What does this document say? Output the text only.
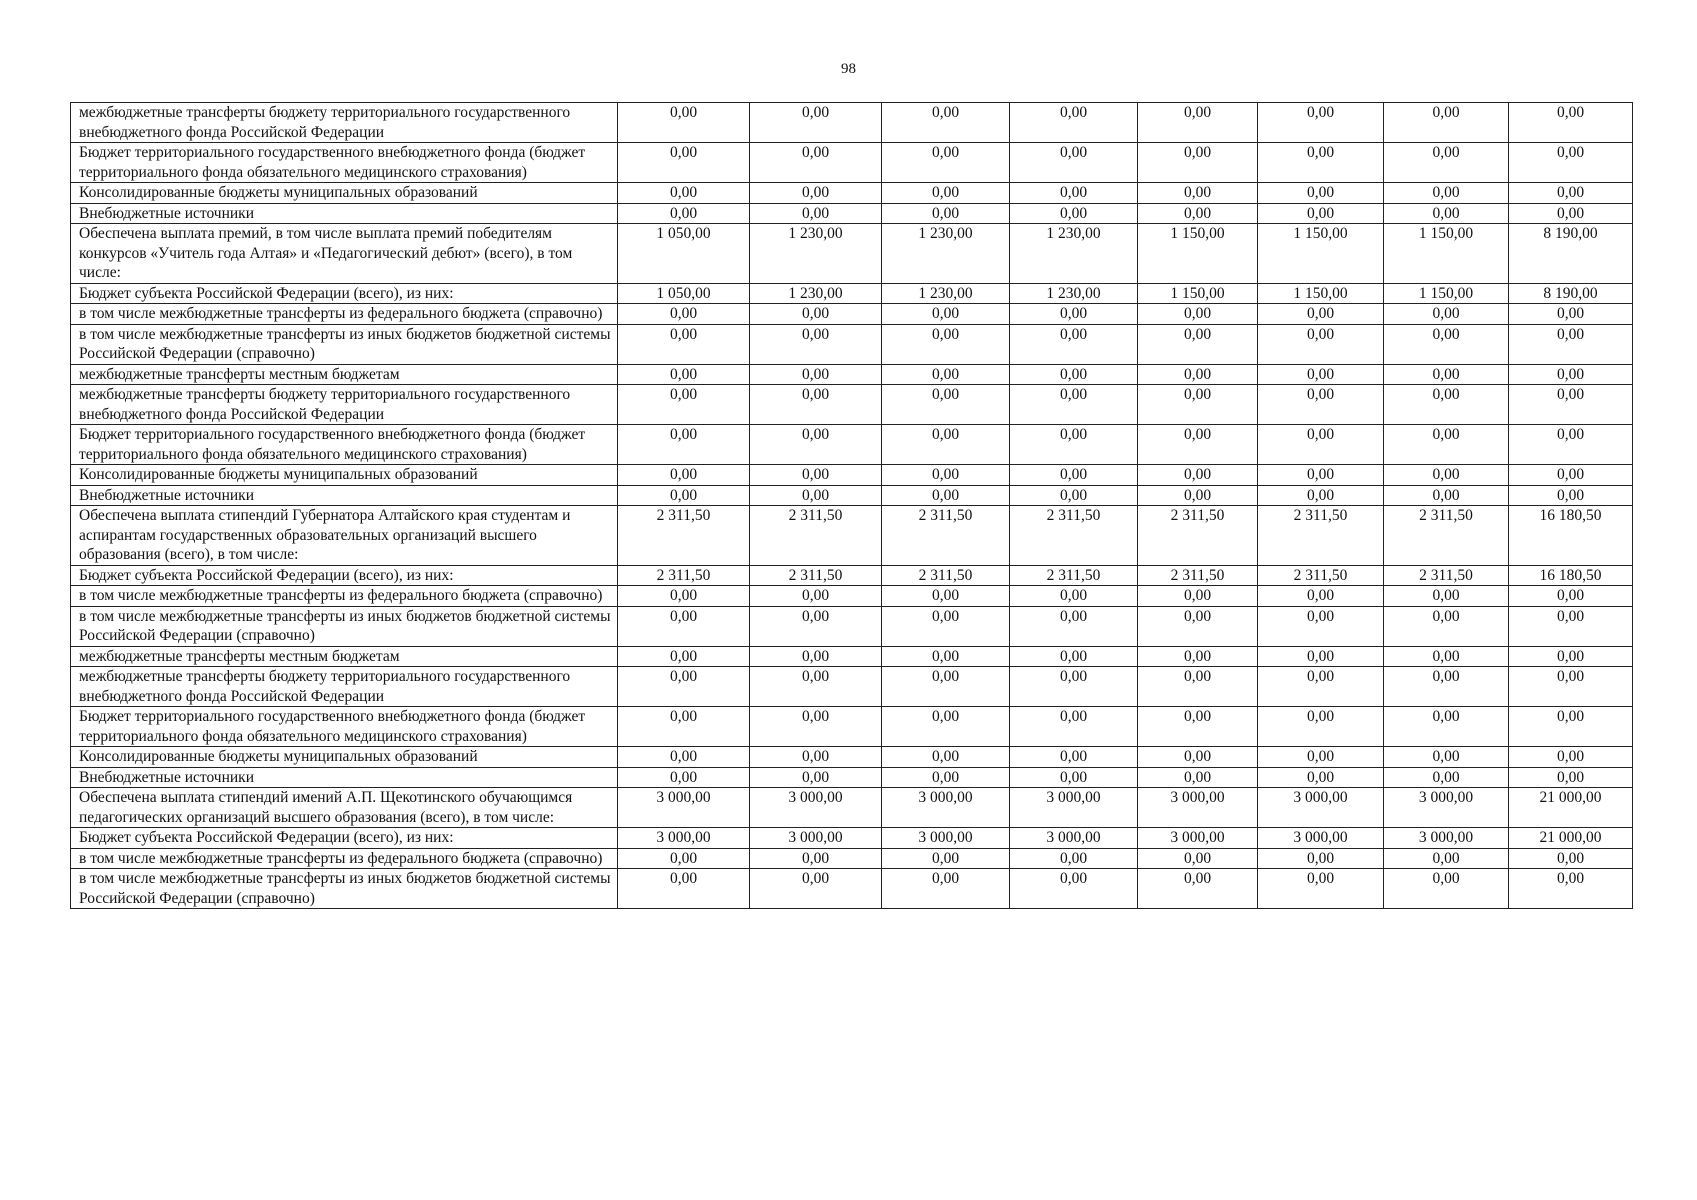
98
межбюджетные трансферты бюджету территориального государственного внебюджетного фонда Российской Федерации	0,00	0,00	0,00	0,00	0,00	0,00	0,00	0,00
Бюджет территориального государственного внебюджетного фонда (бюджет территориального фонда обязательного медицинского страхования)	0,00	0,00	0,00	0,00	0,00	0,00	0,00	0,00
Консолидированные бюджеты муниципальных образований	0,00	0,00	0,00	0,00	0,00	0,00	0,00	0,00
Внебюджетные источники	0,00	0,00	0,00	0,00	0,00	0,00	0,00	0,00
Обеспечена выплата премий, в том числе выплата премий победителям конкурсов «Учитель года Алтая» и «Педагогический дебют» (всего), в том числе:	1 050,00	1 230,00	1 230,00	1 230,00	1 150,00	1 150,00	1 150,00	8 190,00
Бюджет субъекта Российской Федерации (всего), из них:	1 050,00	1 230,00	1 230,00	1 230,00	1 150,00	1 150,00	1 150,00	8 190,00
в том числе межбюджетные трансферты из федерального бюджета (справочно)	0,00	0,00	0,00	0,00	0,00	0,00	0,00	0,00
в том числе межбюджетные трансферты из иных бюджетов бюджетной системы Российской Федерации (справочно)	0,00	0,00	0,00	0,00	0,00	0,00	0,00	0,00
межбюджетные трансферты местным бюджетам	0,00	0,00	0,00	0,00	0,00	0,00	0,00	0,00
межбюджетные трансферты бюджету территориального государственного внебюджетного фонда Российской Федерации	0,00	0,00	0,00	0,00	0,00	0,00	0,00	0,00
Бюджет территориального государственного внебюджетного фонда (бюджет территориального фонда обязательного медицинского страхования)	0,00	0,00	0,00	0,00	0,00	0,00	0,00	0,00
Консолидированные бюджеты муниципальных образований	0,00	0,00	0,00	0,00	0,00	0,00	0,00	0,00
Внебюджетные источники	0,00	0,00	0,00	0,00	0,00	0,00	0,00	0,00
Обеспечена выплата стипендий Губернатора Алтайского края студентам и аспирантам государственных образовательных организаций высшего образования (всего), в том числе:	2 311,50	2 311,50	2 311,50	2 311,50	2 311,50	2 311,50	2 311,50	16 180,50
Бюджет субъекта Российской Федерации (всего), из них:	2 311,50	2 311,50	2 311,50	2 311,50	2 311,50	2 311,50	2 311,50	16 180,50
в том числе межбюджетные трансферты из федерального бюджета (справочно)	0,00	0,00	0,00	0,00	0,00	0,00	0,00	0,00
в том числе межбюджетные трансферты из иных бюджетов бюджетной системы Российской Федерации (справочно)	0,00	0,00	0,00	0,00	0,00	0,00	0,00	0,00
межбюджетные трансферты местным бюджетам	0,00	0,00	0,00	0,00	0,00	0,00	0,00	0,00
межбюджетные трансферты бюджету территориального государственного внебюджетного фонда Российской Федерации	0,00	0,00	0,00	0,00	0,00	0,00	0,00	0,00
Бюджет территориального государственного внебюджетного фонда (бюджет территориального фонда обязательного медицинского страхования)	0,00	0,00	0,00	0,00	0,00	0,00	0,00	0,00
Консолидированные бюджеты муниципальных образований	0,00	0,00	0,00	0,00	0,00	0,00	0,00	0,00
Внебюджетные источники	0,00	0,00	0,00	0,00	0,00	0,00	0,00	0,00
Обеспечена выплата стипендий имений А.П. Щекотинского обучающимся педагогических организаций высшего образования (всего), в том числе:	3 000,00	3 000,00	3 000,00	3 000,00	3 000,00	3 000,00	3 000,00	21 000,00
Бюджет субъекта Российской Федерации (всего), из них:	3 000,00	3 000,00	3 000,00	3 000,00	3 000,00	3 000,00	3 000,00	21 000,00
в том числе межбюджетные трансферты из федерального бюджета (справочно)	0,00	0,00	0,00	0,00	0,00	0,00	0,00	0,00
в том числе межбюджетные трансферты из иных бюджетов бюджетной системы Российской Федерации (справочно)	0,00	0,00	0,00	0,00	0,00	0,00	0,00	0,00
